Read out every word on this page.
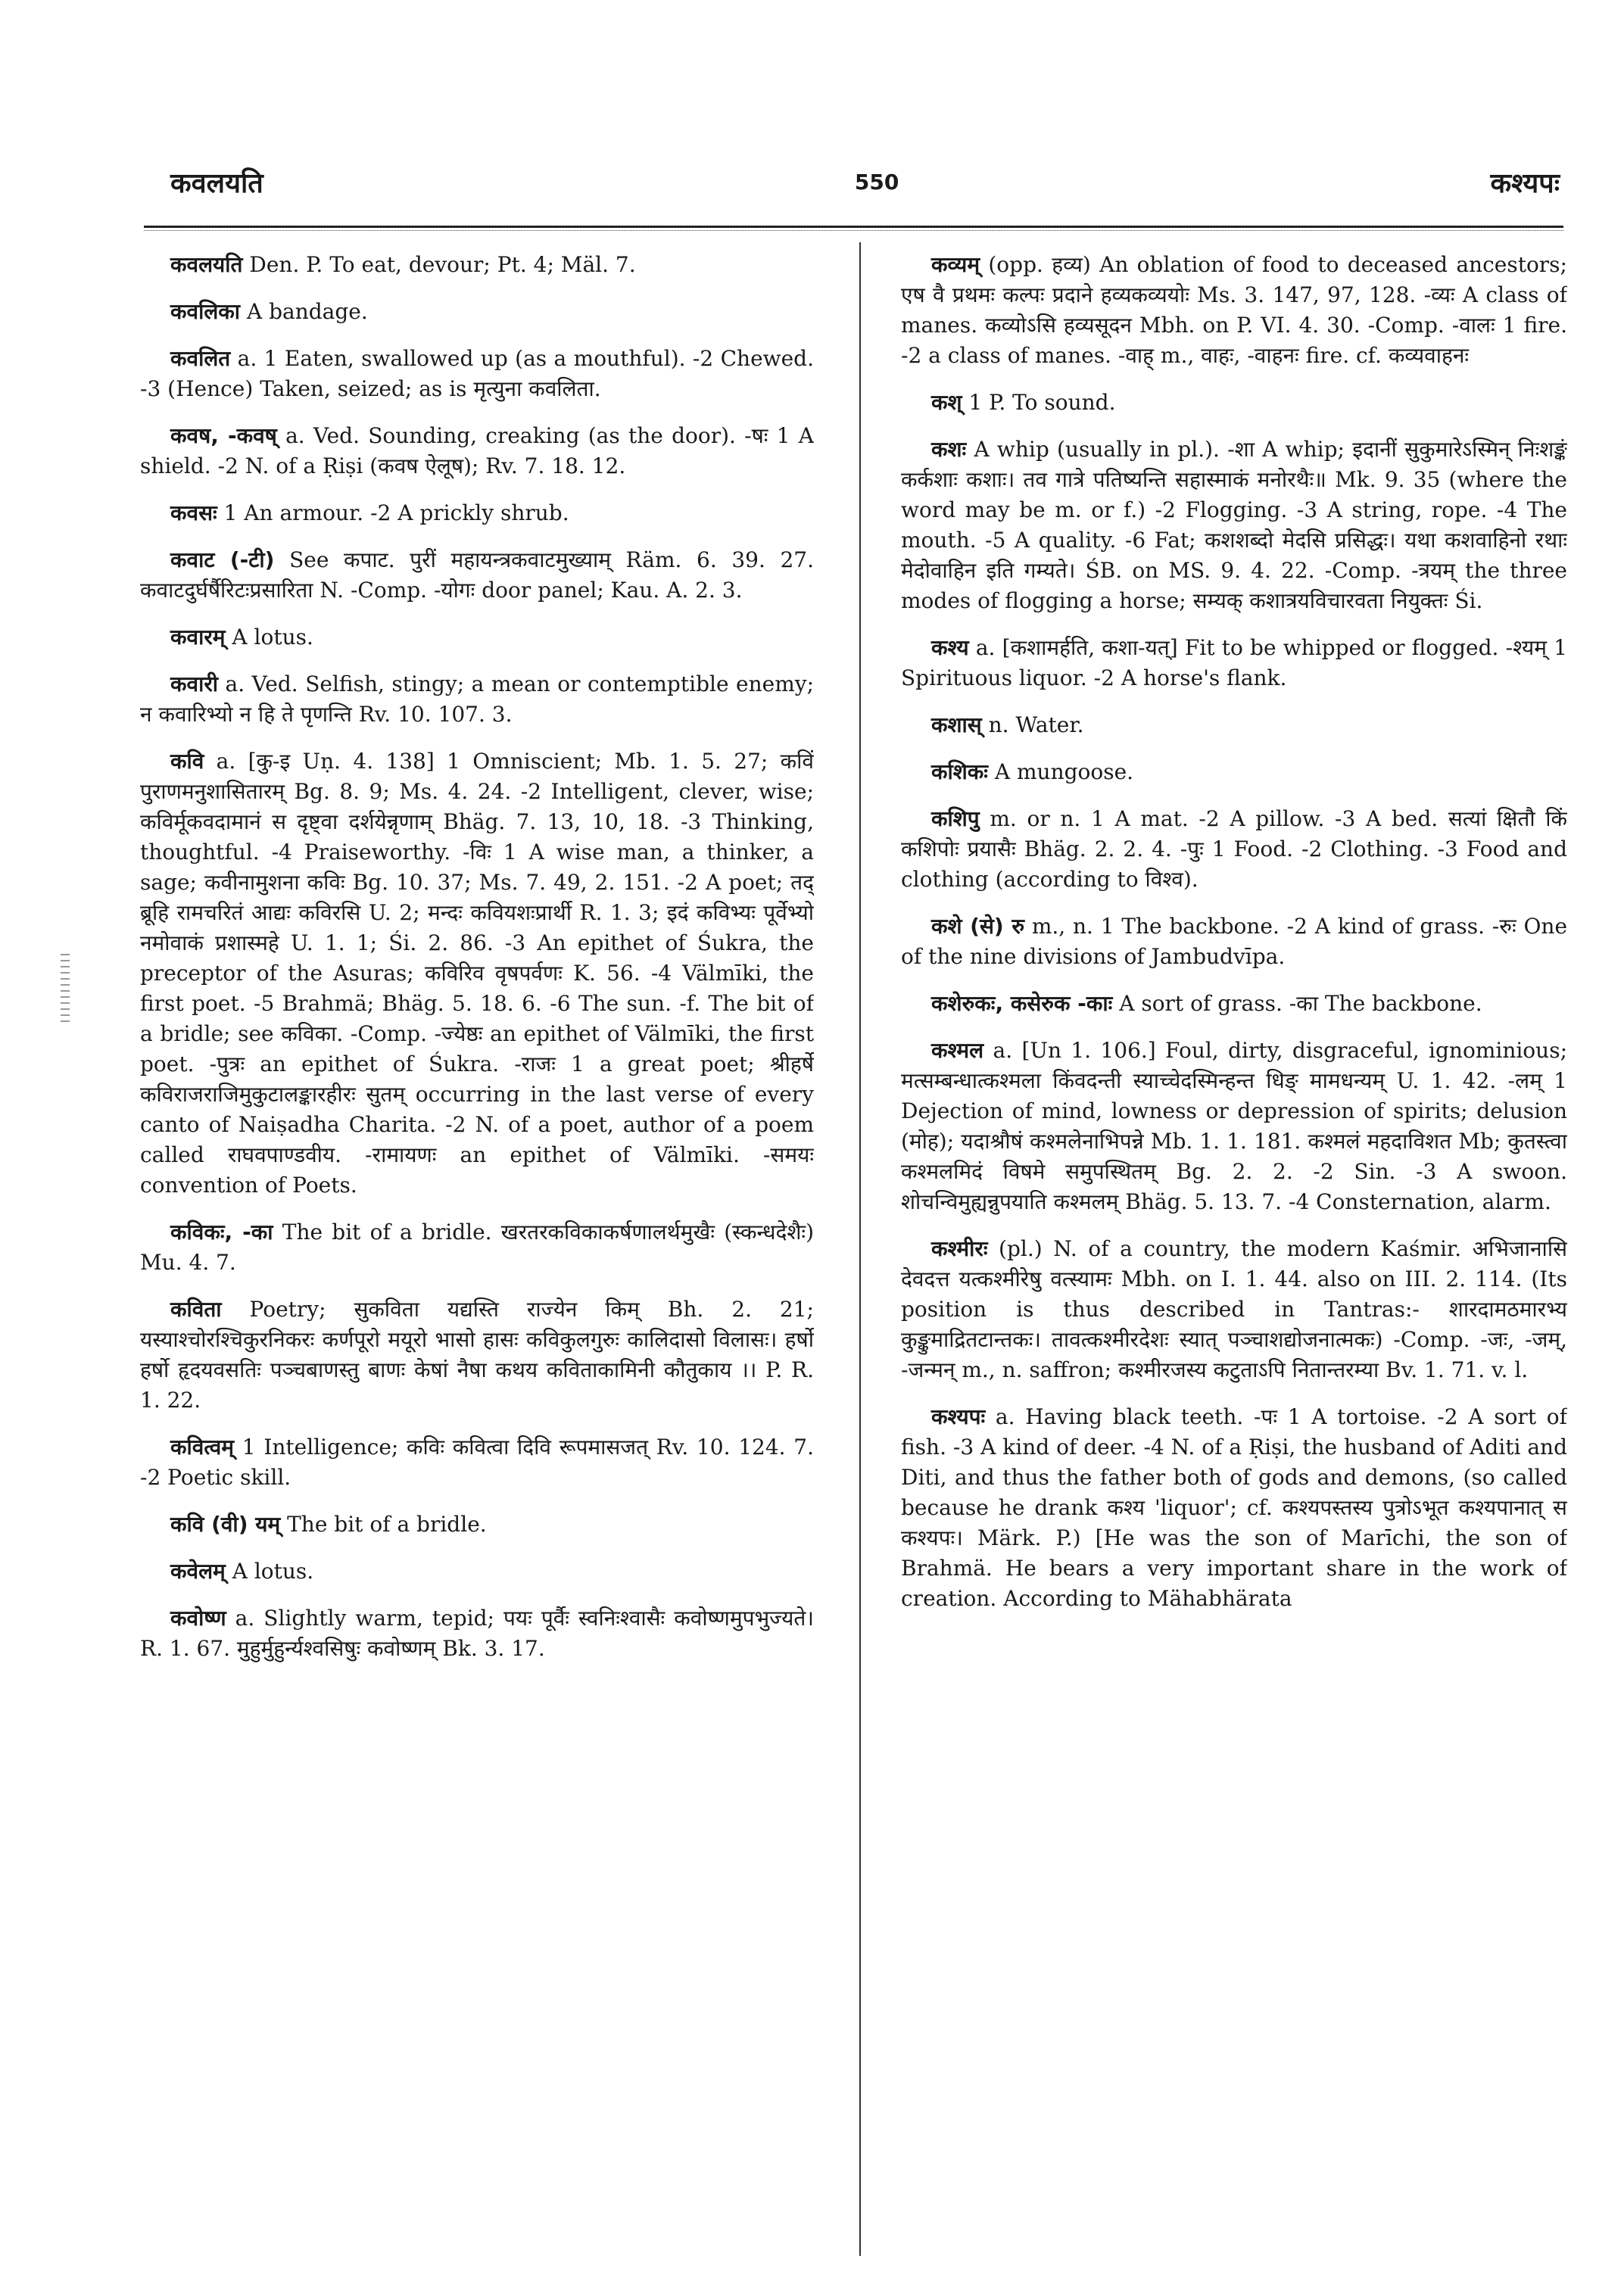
कवलयति	550	कश्यपः

कवलयति Den. P. To eat, devour; Pt. 4; Mäl. 7.

कवलिका A bandage.

कवलित a. 1 Eaten, swallowed up (as a mouthful). -2 Chewed. -3 (Hence) Taken, seized; as is मृत्युना कवलिता.

कवष, -कवष् a. Ved. Sounding, creaking (as the door). -षः 1 A shield. -2 N. of a Ṛiṣi (कवष ऐलूष); Rv. 7. 18. 12.

कवसः 1 An armour. -2 A prickly shrub.

कवाट (-टी) See कपाट. पुरीं महायन्त्रकवाटमुख्याम् Räm. 6. 39. 27. कवाटदुर्घर्षैरिटःप्रसारिता N. -Comp. -योगः door panel; Kau. A. 2. 3.

कवारम् A lotus.

कवारी a. Ved. Selfish, stingy; a mean or contemptible enemy; न कवारिभ्यो न हि ते पृणन्ति Rv. 10. 107. 3.

कवि a. [कु-इ Uṇ. 4. 138] 1 Omniscient; Mb. 1. 5. 27; कविं पुराणमनुशासितारम् Bg. 8. 9; Ms. 4. 24. -2 Intelligent, clever, wise; कविर्मूकवदामानं स दृष्ट्वा दर्शयेन्नृणाम् Bhäg. 7. 13, 10, 18. -3 Thinking, thoughtful. -4 Praiseworthy. -विः 1 A wise man, a thinker, a sage; कवीनामुशना कविः Bg. 10. 37; Ms. 7. 49, 2. 151. -2 A poet; तद् ब्रूहि रामचरितं आद्यः कविरसि U. 2; मन्दः कवियशःप्रार्थी R. 1. 3; इदं कविभ्यः पूर्वेभ्यो नमोवाकं प्रशास्महे U. 1. 1; Śi. 2. 86. -3 An epithet of Śukra, the preceptor of the Asuras; कविरिव वृषपर्वणः K. 56. -4 Välmīki, the first poet. -5 Brahmä; Bhäg. 5. 18. 6. -6 The sun. -f. The bit of a bridle; see कविका. -Comp. -ज्येष्ठः an epithet of Välmīki, the first poet. -पुत्रः an epithet of Śukra. -राजः 1 a great poet; श्रीहर्षे कविराजराजिमुकुटालङ्कारहीरः सुतम् occurring in the last verse of every canto of Naiṣadha Charita. -2 N. of a poet, author of a poem called राघवपाण्डवीय. -रामायणः an epithet of Välmīki. -समयः convention of Poets.

कविकः, -का The bit of a bridle. खरतरकविकाकर्षणालर्थमुखैः (स्कन्धदेशैः) Mu. 4. 7.

कविता Poetry; सुकविता यद्यस्ति राज्येन किम् Bh. 2. 21; यस्याश्चोरश्चिकुरनिकरः कर्णपूरो मयूरो भासो हासः कविकुलगुरुः कालिदासो विलासः। हर्षो हर्षो हृदयवसतिः पञ्चबाणस्तु बाणः केषां नैषा कथय कविताकामिनी कौतुकाय ।। P. R. 1. 22.

कवित्वम् 1 Intelligence; कविः कवित्वा दिवि रूपमासजत् Rv. 10. 124. 7. -2 Poetic skill.

कवि (वी) यम् The bit of a bridle.

कवेलम् A lotus.

कवोष्ण a. Slightly warm, tepid; पयः पूर्वैः स्वनिःश्वासैः कवोष्णमुपभुज्यते। R. 1. 67. मुहुर्मुहुर्न्यश्वसिषुः कवोष्णम् Bk. 3. 17.

कव्यम् (opp. हव्य) An oblation of food to deceased ancestors; एष वै प्रथमः कल्पः प्रदाने हव्यकव्ययोः Ms. 3. 147, 97, 128. -व्यः A class of manes. कव्योऽसि हव्यसूदन Mbh. on P. VI. 4. 30. -Comp. -वालः 1 fire. -2 a class of manes. -वाह् m., वाहः, -वाहनः fire. cf. कव्यवाहनः

कश् 1 P. To sound.

कशः A whip (usually in pl.). -शा A whip; इदानीं सुकुमारेऽस्मिन् निःशङ्कं कर्कशाः कशाः। तव गात्रे पतिष्यन्ति सहास्माकं मनोरथैः॥ Mk. 9. 35 (where the word may be m. or f.) -2 Flogging. -3 A string, rope. -4 The mouth. -5 A quality. -6 Fat; कशशब्दो मेदसि प्रसिद्धः। यथा कशवाहिनो रथाः मेदोवाहिन इति गम्यते। ŚB. on MS. 9. 4. 22. -Comp. -त्रयम् the three modes of flogging a horse; सम्यक् कशात्रयविचारवता नियुक्तः Śi.

कश्य a. [कशामर्हति, कशा-यत्] Fit to be whipped or flogged. -श्यम् 1 Spirituous liquor. -2 A horse's flank.

कशास् n. Water.

कशिकः A mungoose.

कशिपु m. or n. 1 A mat. -2 A pillow. -3 A bed. सत्यां क्षितौ किं कशिपोः प्रयासैः Bhäg. 2. 2. 4. -पुः 1 Food. -2 Clothing. -3 Food and clothing (according to विश्व).

कशे (से) रु m., n. 1 The backbone. -2 A kind of grass. -रुः One of the nine divisions of Jambudvīpa.

कशेरुकः, कसेरुक -काः A sort of grass. -का The backbone.

कश्मल a. [Un 1. 106.] Foul, dirty, disgraceful, ignominious; मत्सम्बन्धात्कश्मला किंवदन्ती स्याच्चेदस्मिन्हन्त धिङ् मामधन्यम् U. 1. 42. -लम् 1 Dejection of mind, lowness or depression of spirits; delusion (मोह); यदाश्रौषं कश्मलेनाभिपन्ने Mb. 1. 1. 181. कश्मलं महदाविशत Mb; कुतस्त्वा कश्मलमिदं विषमे समुपस्थितम् Bg. 2. 2. -2 Sin. -3 A swoon. शोचन्विमुह्यन्नुपयाति कश्मलम् Bhäg. 5. 13. 7. -4 Consternation, alarm.

कश्मीरः (pl.) N. of a country, the modern Kaśmir. अभिजानासि देवदत्त यत्कश्मीरेषु वत्स्यामः Mbh. on I. 1. 44. also on III. 2. 114. (Its position is thus described in Tantras:- शारदामठमारभ्य कुङ्कुमाद्रितटान्तकः। तावत्कश्मीरदेशः स्यात् पञ्चाशद्योजनात्मकः) -Comp. -जः, -जम्, -जन्मन् m., n. saffron; कश्मीरजस्य कटुताऽपि नितान्तरम्या Bv. 1. 71. v. l.

कश्यपः a. Having black teeth. -पः 1 A tortoise. -2 A sort of fish. -3 A kind of deer. -4 N. of a Ṛiṣi, the husband of Aditi and Diti, and thus the father both of gods and demons, (so called because he drank कश्य 'liquor'; cf. कश्यपस्तस्य पुत्रोऽभूत कश्यपानात् स कश्यपः। Märk. P.) [He was the son of Marīchi, the son of Brahmä. He bears a very important share in the work of creation. According to Mähabhärata
